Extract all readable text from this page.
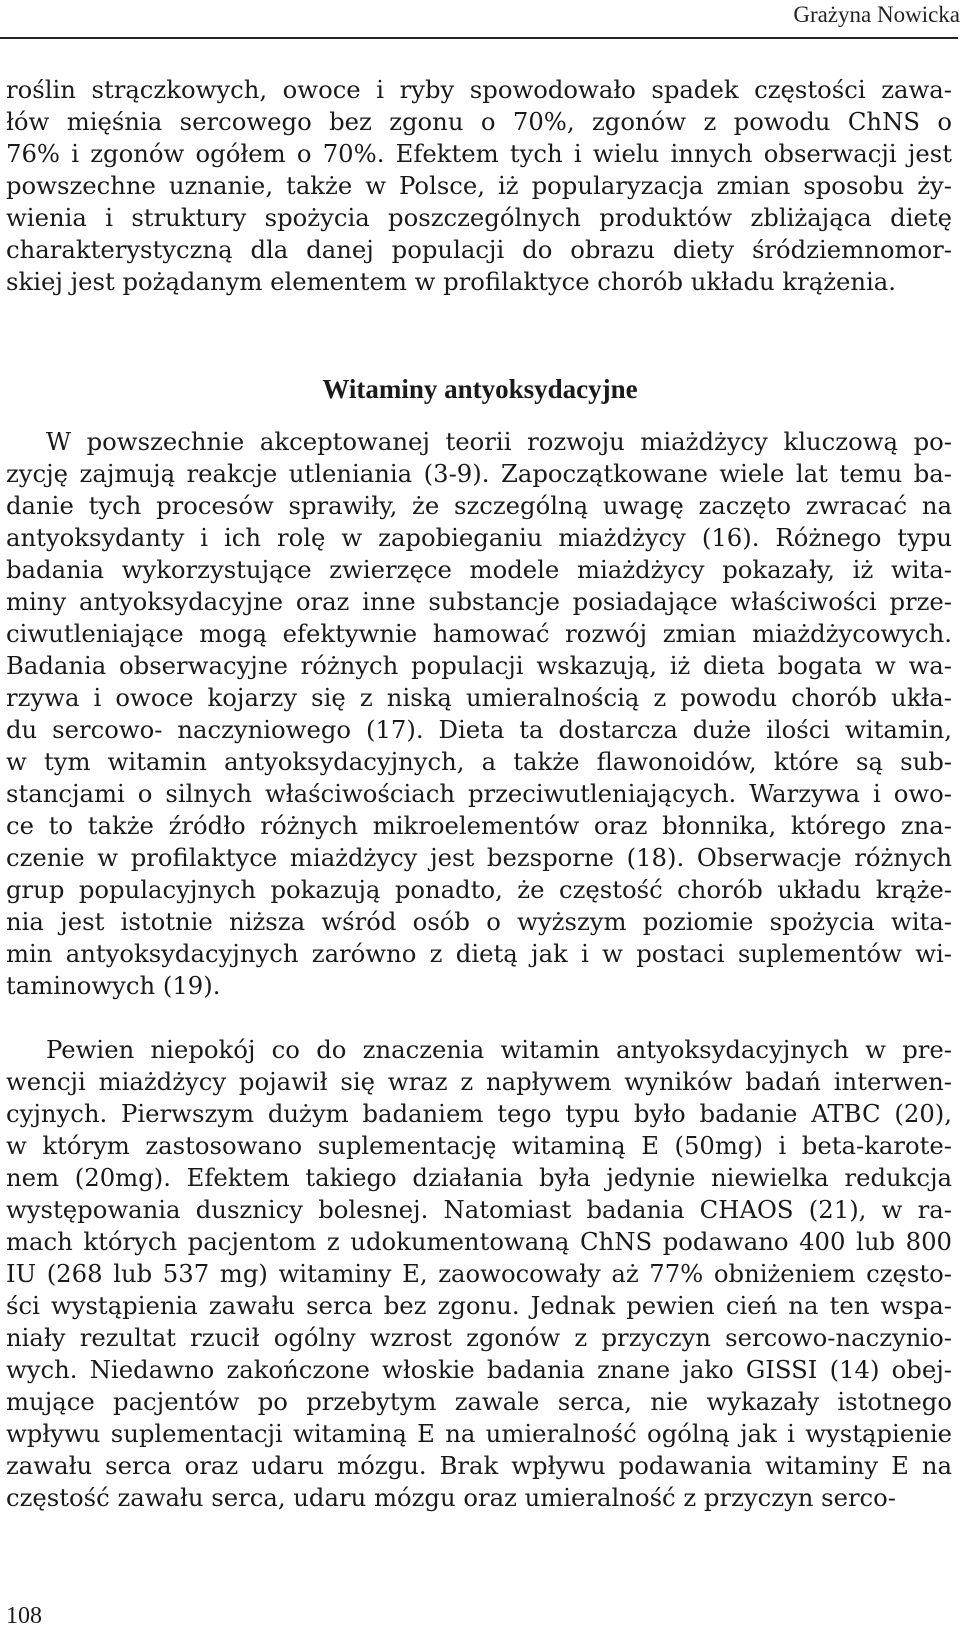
Grażyna Nowicka
roślin strączkowych, owoce i ryby spowodowało spadek częstości zawa-
łów mięśnia sercowego bez zgonu o 70%, zgonów z powodu ChNS o
76% i zgonów ogółem o 70%. Efektem tych i wielu innych obserwacji jest
powszechne uznanie, także w Polsce, iż popularyzacja zmian sposobu ży-
wienia i struktury spożycia poszczególnych produktów zbliżająca dietę
charakterystyczną dla danej populacji do obrazu diety śródziemnomor-
skiej jest pożądanym elementem w profilaktyce chorób układu krążenia.
Witaminy antyoksydacyjne
W powszechnie akceptowanej teorii rozwoju miażdżycy kluczową po-
zycję zajmują reakcje utleniania (3-9). Zapoczątkowane wiele lat temu ba-
danie tych procesów sprawiły, że szczególną uwagę zaczęto zwracać na
antyoksydanty i ich rolę w zapobieganiu miażdżycy (16). Różnego typu
badania wykorzystujące zwierzęce modele miażdżycy pokazały, iż wita-
miny antyoksydacyjne oraz inne substancje posiadające właściwości prze-
ciwutleniające mogą efektywnie hamować rozwój zmian miażdżycowych.
Badania obserwacyjne różnych populacji wskazują, iż dieta bogata w wa-
rzywa i owoce kojarzy się z niską umieralnością z powodu chorób ukła-
du sercowo- naczyniowego (17). Dieta ta dostarcza duże ilości witamin,
w tym witamin antyoksydacyjnych, a także flawonoidów, które są sub-
stancjami o silnych właściwościach przeciwutleniających. Warzywa i owo-
ce to także źródło różnych mikroelementów oraz błonnika, którego zna-
czenie w profilaktyce miażdżycy jest bezsporne (18). Obserwacje różnych
grup populacyjnych pokazują ponadto, że częstość chorób układu krąże-
nia jest istotnie niższa wśród osób o wyższym poziomie spożycia wita-
min antyoksydacyjnych zarówno z dietą jak i w postaci suplementów wi-
taminowych (19).
Pewien niepokój co do znaczenia witamin antyoksydacyjnych w pre-
wencji miażdżycy pojawił się wraz z napływem wyników badań interwen-
cyjnych. Pierwszym dużym badaniem tego typu było badanie ATBC (20),
w którym zastosowano suplementację witaminą E (50mg) i beta-karote-
nem (20mg). Efektem takiego działania była jedynie niewielka redukcja
występowania dusznicy bolesnej. Natomiast badania CHAOS (21), w ra-
mach których pacjentom z udokumentowaną ChNS podawano 400 lub 800
IU (268 lub 537 mg) witaminy E, zaowocowały aż 77% obniżeniem często-
ści wystąpienia zawału serca bez zgonu. Jednak pewien cień na ten wspa-
niały rezultat rzucił ogólny wzrost zgonów z przyczyn sercowo-naczynio-
wych. Niedawno zakończone włoskie badania znane jako GISSI (14) obej-
mujące pacjentów po przebytym zawale serca, nie wykazały istotnego
wpływu suplementacji witaminą E na umieralność ogólną jak i wystąpienie
zawału serca oraz udaru mózgu. Brak wpływu podawania witaminy E na
częstość zawału serca, udaru mózgu oraz umieralność z przyczyn serco-
108
